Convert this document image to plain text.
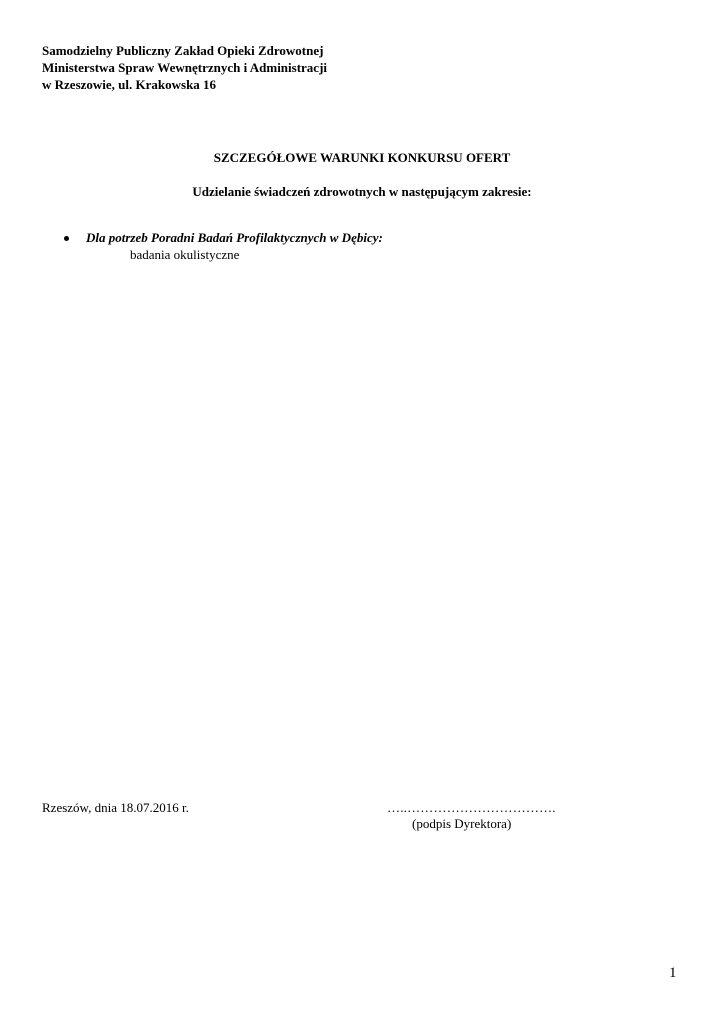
Samodzielny Publiczny Zakład Opieki Zdrowotnej
Ministerstwa Spraw Wewnętrznych i Administracji
w Rzeszowie, ul. Krakowska 16
SZCZEGÓŁOWE WARUNKI KONKURSU OFERT
Udzielanie świadczeń zdrowotnych w następującym zakresie:
Dla potrzeb Poradni Badań Profilaktycznych w Dębicy:
badania okulistyczne
Rzeszów, dnia 18.07.2016 r.	…..…………………………….
(podpis Dyrektora)
1
